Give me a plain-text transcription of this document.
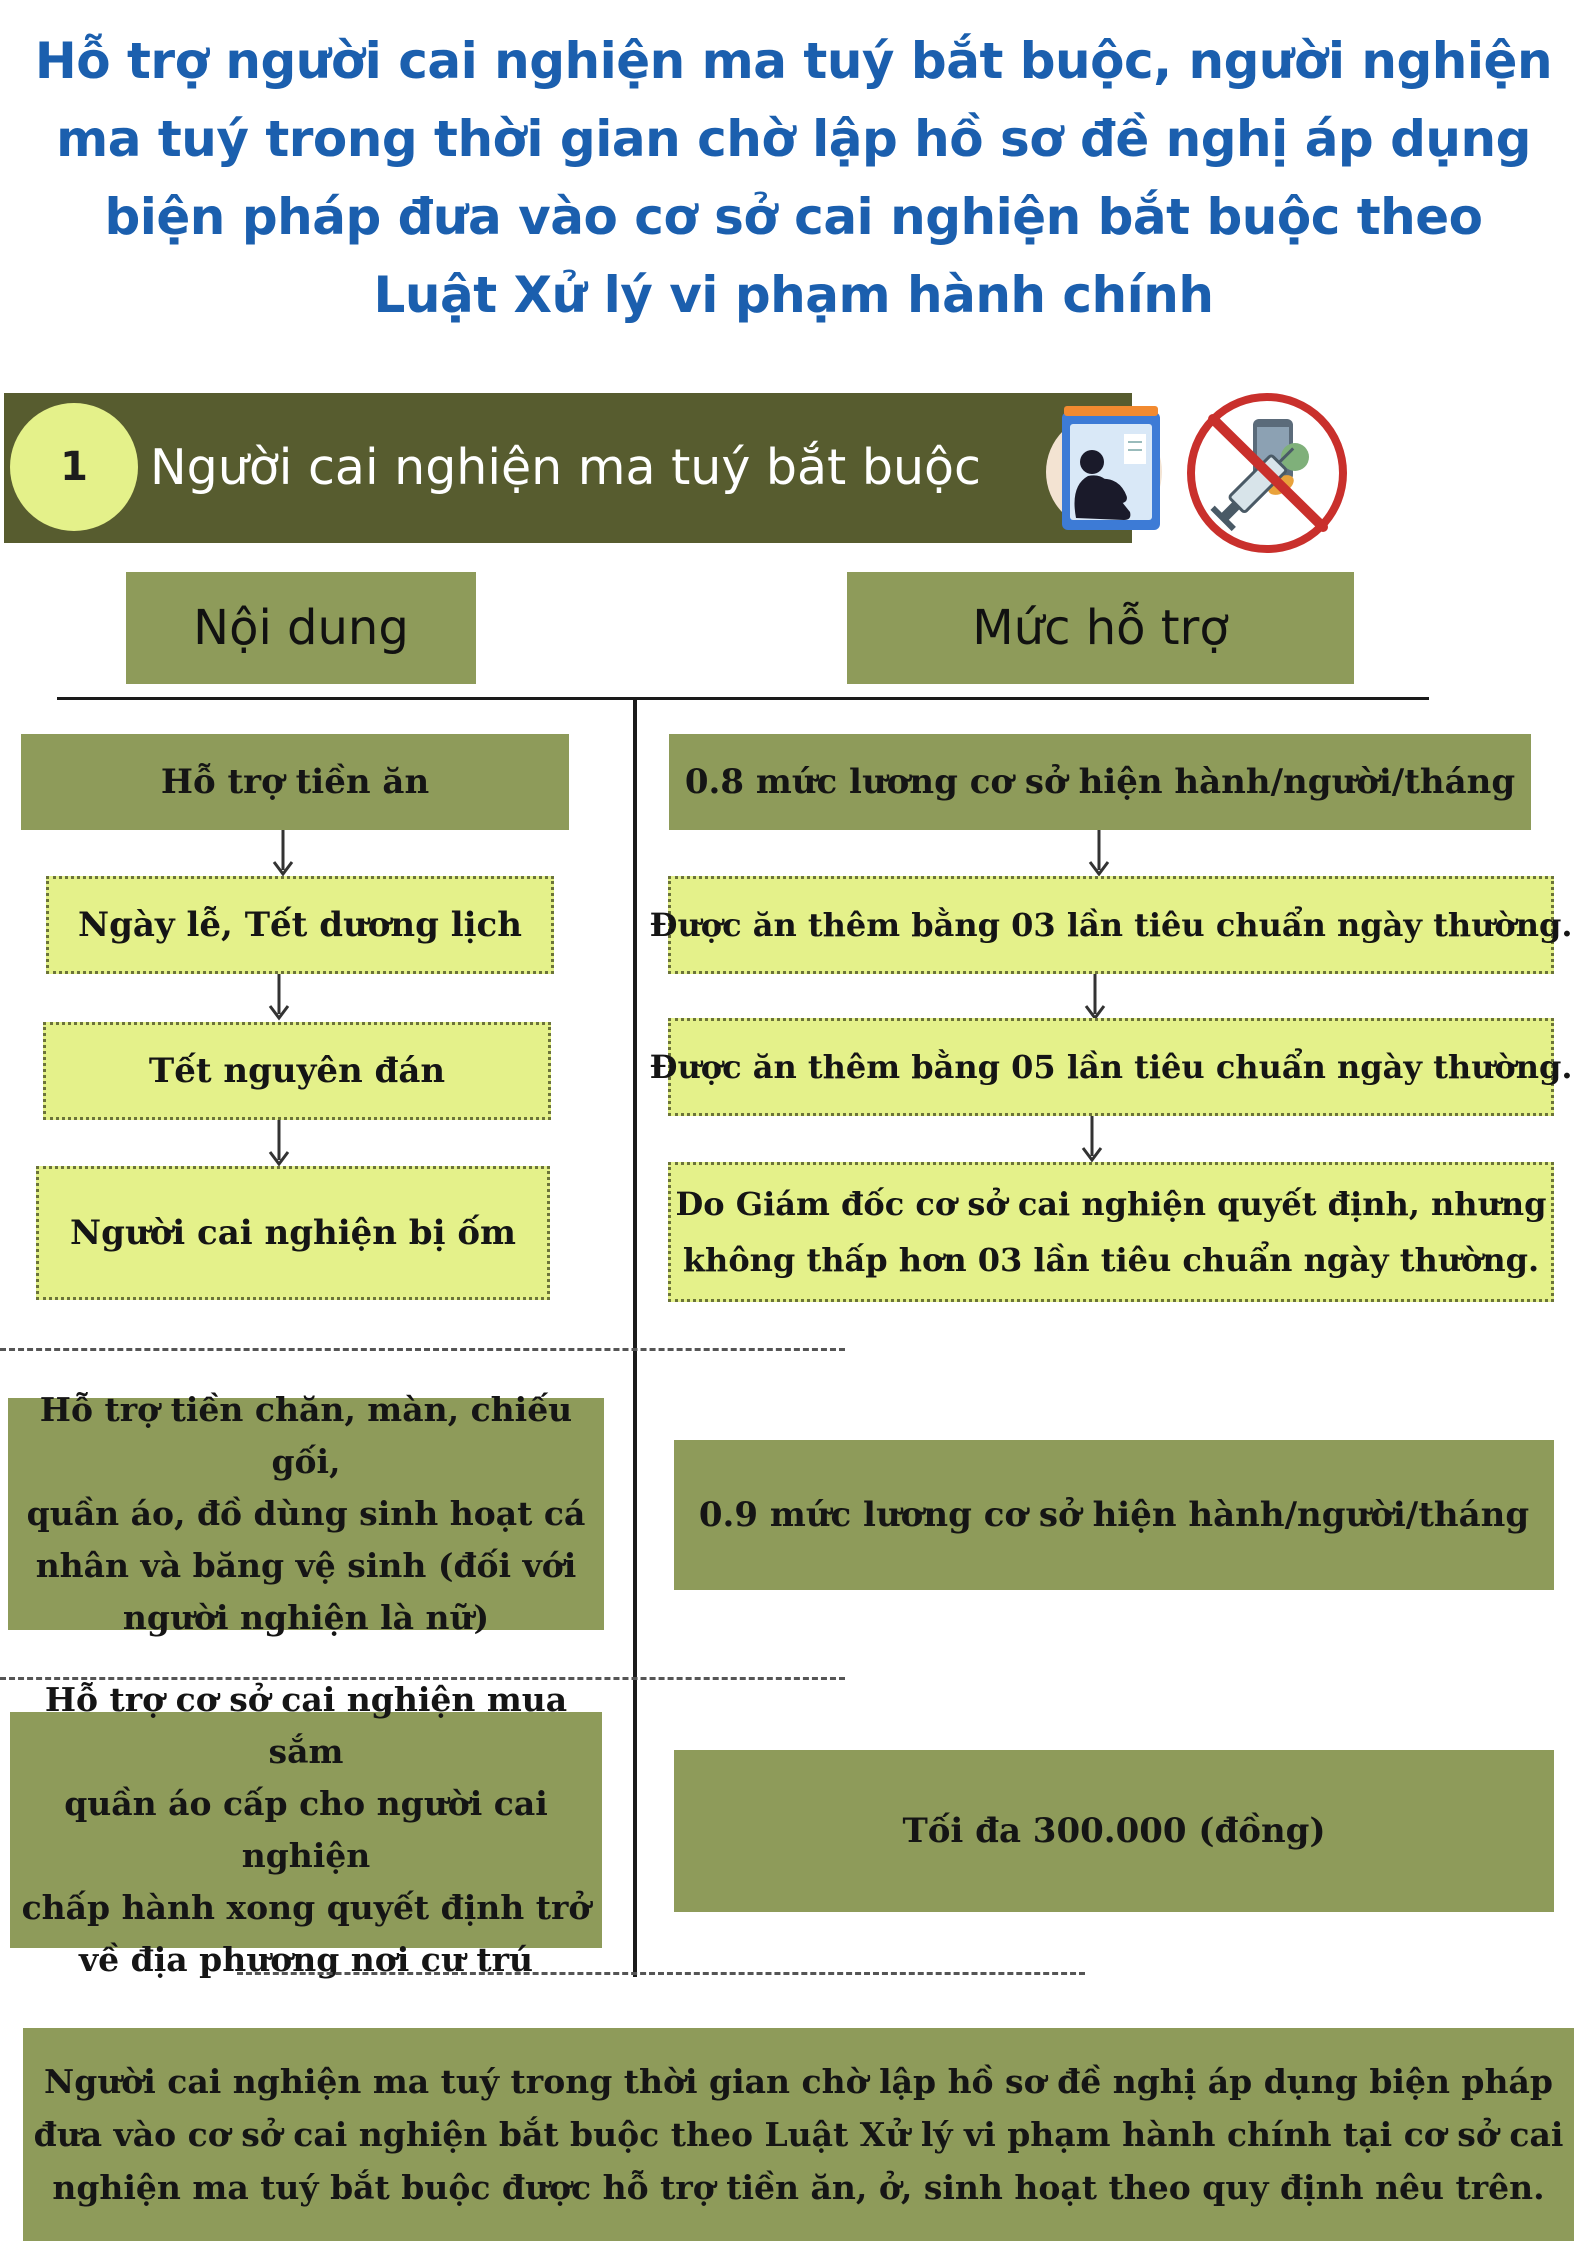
Hỗ trợ người cai nghiện ma tuý bắt buộc, người nghiện
ma tuý trong thời gian chờ lập hồ sơ đề nghị áp dụng
biện pháp đưa vào cơ sở cai nghiện bắt buộc theo
Luật Xử lý vi phạm hành chính
1 Người cai nghiện ma tuý bắt buộc
Nội dung	Mức hỗ trợ
Hỗ trợ tiền ăn
Ngày lễ, Tết dương lịch
Tết nguyên đán
Người cai nghiện bị ốm
0.8 mức lương cơ sở hiện hành/người/tháng
Được ăn thêm bằng 03 lần tiêu chuẩn ngày thường.
Được ăn thêm bằng 05 lần tiêu chuẩn ngày thường.
Do Giám đốc cơ sở cai nghiện quyết định, nhưng
không thấp hơn 03 lần tiêu chuẩn ngày thường.
Hỗ trợ tiền chăn, màn, chiếu gối,
quần áo, đồ dùng sinh hoạt cá
nhân và băng vệ sinh (đối với
người nghiện là nữ)
0.9 mức lương cơ sở hiện hành/người/tháng
Hỗ trợ cơ sở cai nghiện mua sắm
quần áo cấp cho người cai nghiện
chấp hành xong quyết định trở
về địa phương nơi cư trú
Tối đa 300.000 (đồng)
Người cai nghiện ma tuý trong thời gian chờ lập hồ sơ đề nghị áp dụng biện pháp
đưa vào cơ sở cai nghiện bắt buộc theo Luật Xử lý vi phạm hành chính tại cơ sở cai
nghiện ma tuý bắt buộc được hỗ trợ tiền ăn, ở, sinh hoạt theo quy định nêu trên.
